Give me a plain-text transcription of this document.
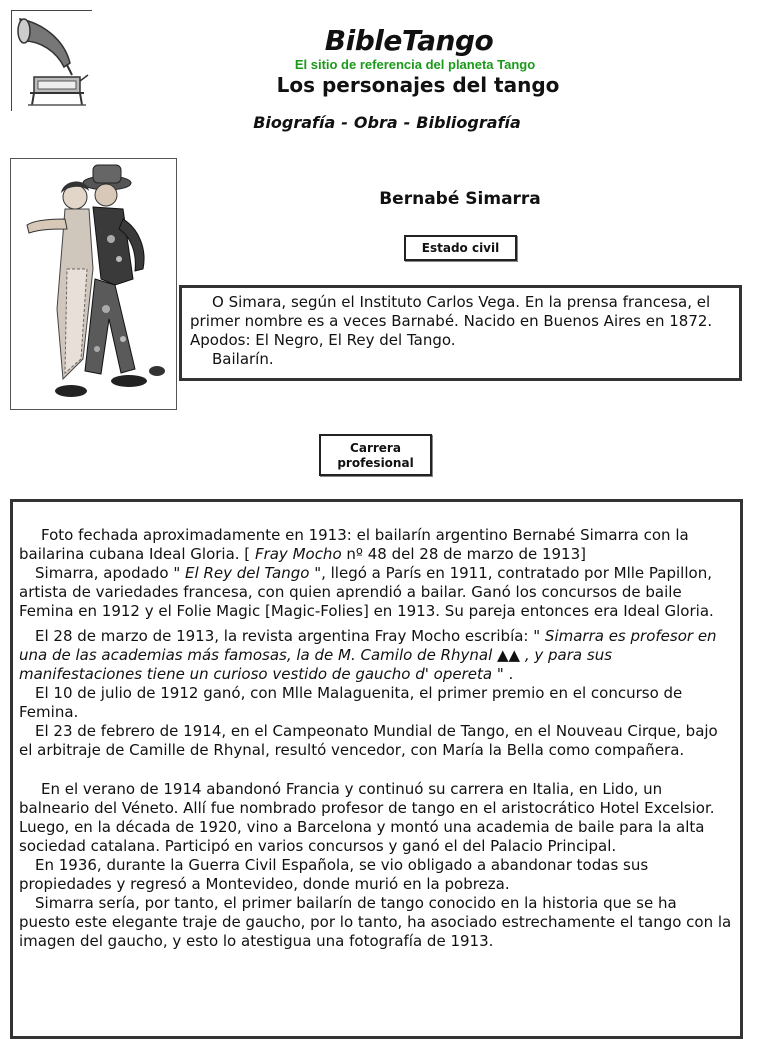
BibleTango
El sitio de referencia del planeta Tango
Los personajes del tango
Biografía - Obra - Bibliografía
Bernabé Simarra
Estado civil

O Simara, según el Instituto Carlos Vega. En la prensa francesa, el primer nombre es a veces Barnabé. Nacido en Buenos Aires en 1872. Apodos: El Negro, El Rey del Tango.

Bailarín.

Carrera
profesional

Foto fechada aproximadamente en 1913: el bailarín argentino Bernabé Simarra con la bailarina cubana Ideal Gloria. [ Fray Mocho nº 48 del 28 de marzo de 1913]

Simarra, apodado " El Rey del Tango ", llegó a París en 1911, contratado por Mlle Papillon, artista de variedades francesa, con quien aprendió a bailar. Ganó los concursos de baile Femina en 1912 y el Folie Magic [Magic-Folies] en 1913. Su pareja entonces era Ideal Gloria.

El 28 de marzo de 1913, la revista argentina Fray Mocho escribía: " Simarra es profesor en una de las academias más famosas, la de M. Camilo de Rhynal ▲▲ , y para sus manifestaciones tiene un curioso vestido de gaucho d' opereta " .

El 10 de julio de 1912 ganó, con Mlle Malaguenita, el primer premio en el concurso de Femina.

El 23 de febrero de 1914, en el Campeonato Mundial de Tango, en el Nouveau Cirque, bajo el arbitraje de Camille de Rhynal, resultó vencedor, con María la Bella como compañera.

En el verano de 1914 abandonó Francia y continuó su carrera en Italia, en Lido, un balneario del Véneto. Allí fue nombrado profesor de tango en el aristocrático Hotel Excelsior. Luego, en la década de 1920, vino a Barcelona y montó una academia de baile para la alta sociedad catalana. Participó en varios concursos y ganó el del Palacio Principal.

En 1936, durante la Guerra Civil Española, se vio obligado a abandonar todas sus propiedades y regresó a Montevideo, donde murió en la pobreza.

Simarra sería, por tanto, el primer bailarín de tango conocido en la historia que se ha puesto este elegante traje de gaucho, por lo tanto, ha asociado estrechamente el tango con la imagen del gaucho, y esto lo atestigua una fotografía de 1913.
